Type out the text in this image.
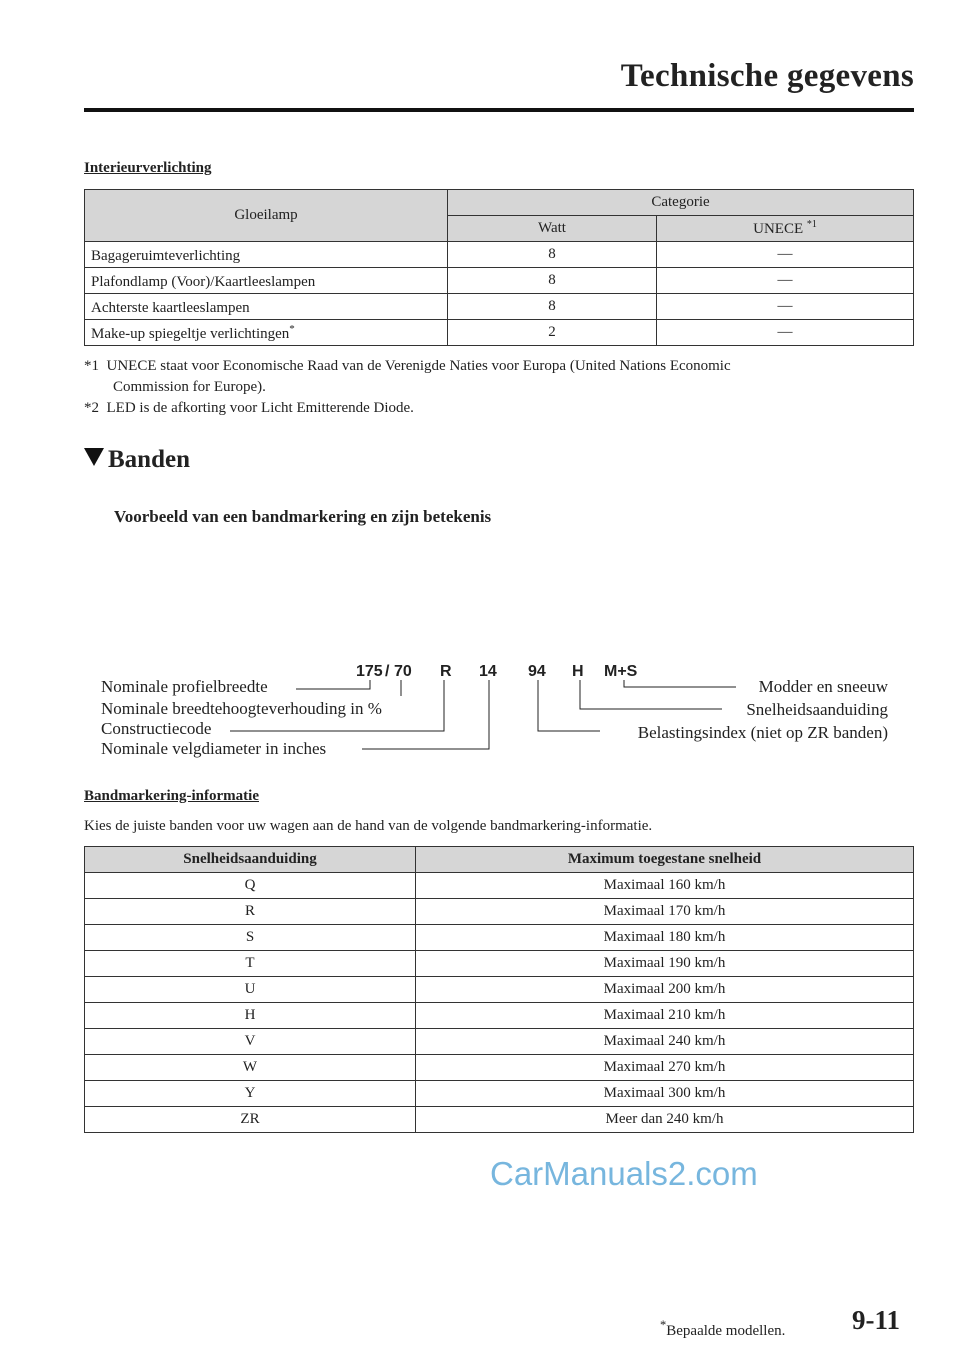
Technische gegevens
Interieurverlichting
Gloeilamp	Categorie	
	Watt	UNECE $^{*1}$
Bagageruimteverlichting	8	—
Plafondlamp (Voor)/Kaartleeslampen	8	—
Achterste kaartleeslampen	8	—
Make-up spiegeltje verlichtingen*	2	—
*1 UNECE staat voor Economische Raad van de Verenigde Naties voor Europa (United Nations Economic
Commission for Europe).
*2 LED is de afkorting voor Licht Emitterende Diode.
Banden
Voorbeeld van een bandmarkering en zijn betekenis
175 / 70 R 14 94 H M+S
Nominale profielbreedte
Nominale breedtehoogteverhouding in %
Constructiecode
Nominale velgdiameter in inches
Modder en sneeuw
Snelheidsaanduiding
Belastingsindex (niet op ZR banden)
Bandmarkering-informatie
Kies de juiste banden voor uw wagen aan de hand van de volgende bandmarkering-informatie.
Snelheidsaanduiding	Maximum toegestane snelheid
Q	Maximaal 160 km/h
R	Maximaal 170 km/h
S	Maximaal 180 km/h
T	Maximaal 190 km/h
U	Maximaal 200 km/h
H	Maximaal 210 km/h
V	Maximaal 240 km/h
W	Maximaal 270 km/h
Y	Maximaal 300 km/h
ZR	Meer dan 240 km/h
CarManuals2.com
*Bepaalde modellen. 9-11
